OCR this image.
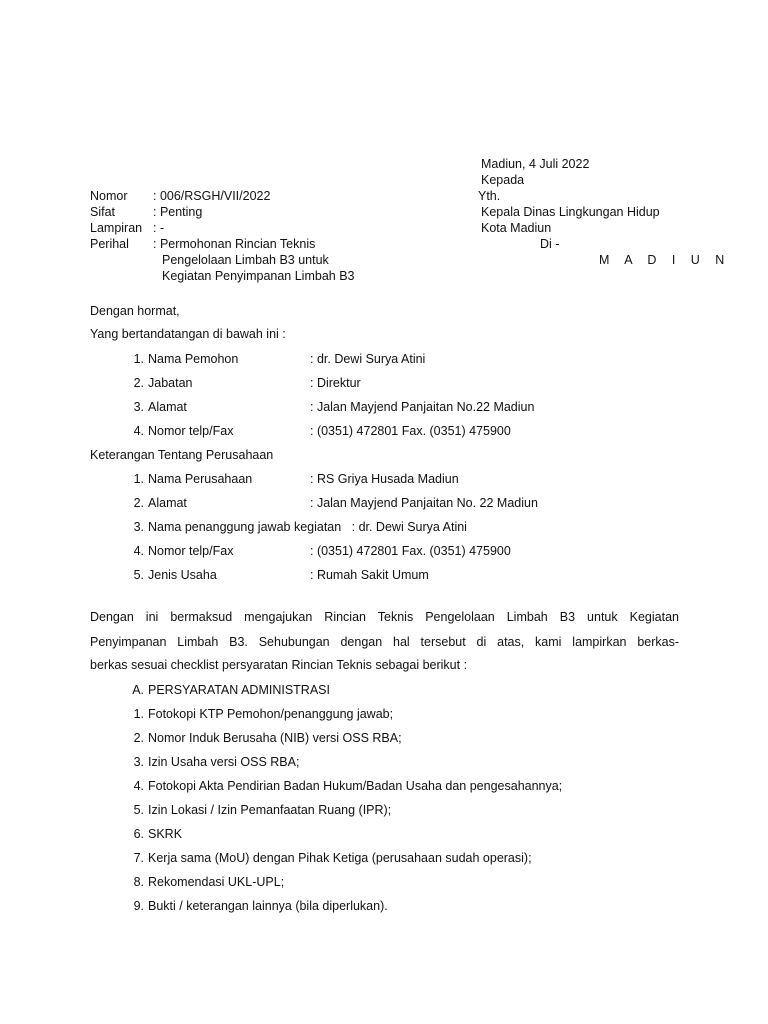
Madiun, 4 Juli 2022
Kepada
Yth.
Kepala Dinas Lingkungan Hidup
Kota Madiun
Di -
M A D I U N
Nomor : 006/RSGH/VII/2022
Sifat	: Penting
Lampiran : -
Perihal : Permohonan Rincian Teknis
Pengelolaan Limbah B3 untuk
Kegiatan Penyimpanan Limbah B3
Dengan hormat,
Yang bertandatangan di bawah ini :
1. Nama Pemohon	: dr. Dewi Surya Atini
2. Jabatan	: Direktur
3. Alamat	: Jalan Mayjend Panjaitan No.22 Madiun
4. Nomor telp/Fax	: (0351) 472801 Fax. (0351) 475900
Keterangan Tentang Perusahaan
1. Nama Perusahaan	: RS Griya Husada Madiun
2. Alamat	: Jalan Mayjend Panjaitan No. 22 Madiun
3. Nama penanggung jawab kegiatan   : dr. Dewi Surya Atini
4. Nomor telp/Fax	: (0351) 472801 Fax. (0351) 475900
5. Jenis Usaha	: Rumah Sakit Umum
Dengan ini bermaksud mengajukan Rincian Teknis Pengelolaan Limbah B3 untuk Kegiatan
Penyimpanan Limbah B3. Sehubungan dengan hal tersebut di atas, kami lampirkan berkas-
berkas sesuai checklist persyaratan Rincian Teknis sebagai berikut :
A. PERSYARATAN ADMINISTRASI
1. Fotokopi KTP Pemohon/penanggung jawab;
2. Nomor Induk Berusaha (NIB) versi OSS RBA;
3. Izin Usaha versi OSS RBA;
4. Fotokopi Akta Pendirian Badan Hukum/Badan Usaha dan pengesahannya;
5. Izin Lokasi / Izin Pemanfaatan Ruang (IPR);
6. SKRK
7. Kerja sama (MoU) dengan Pihak Ketiga (perusahaan sudah operasi);
8. Rekomendasi UKL-UPL;
9. Bukti / keterangan lainnya (bila diperlukan).
